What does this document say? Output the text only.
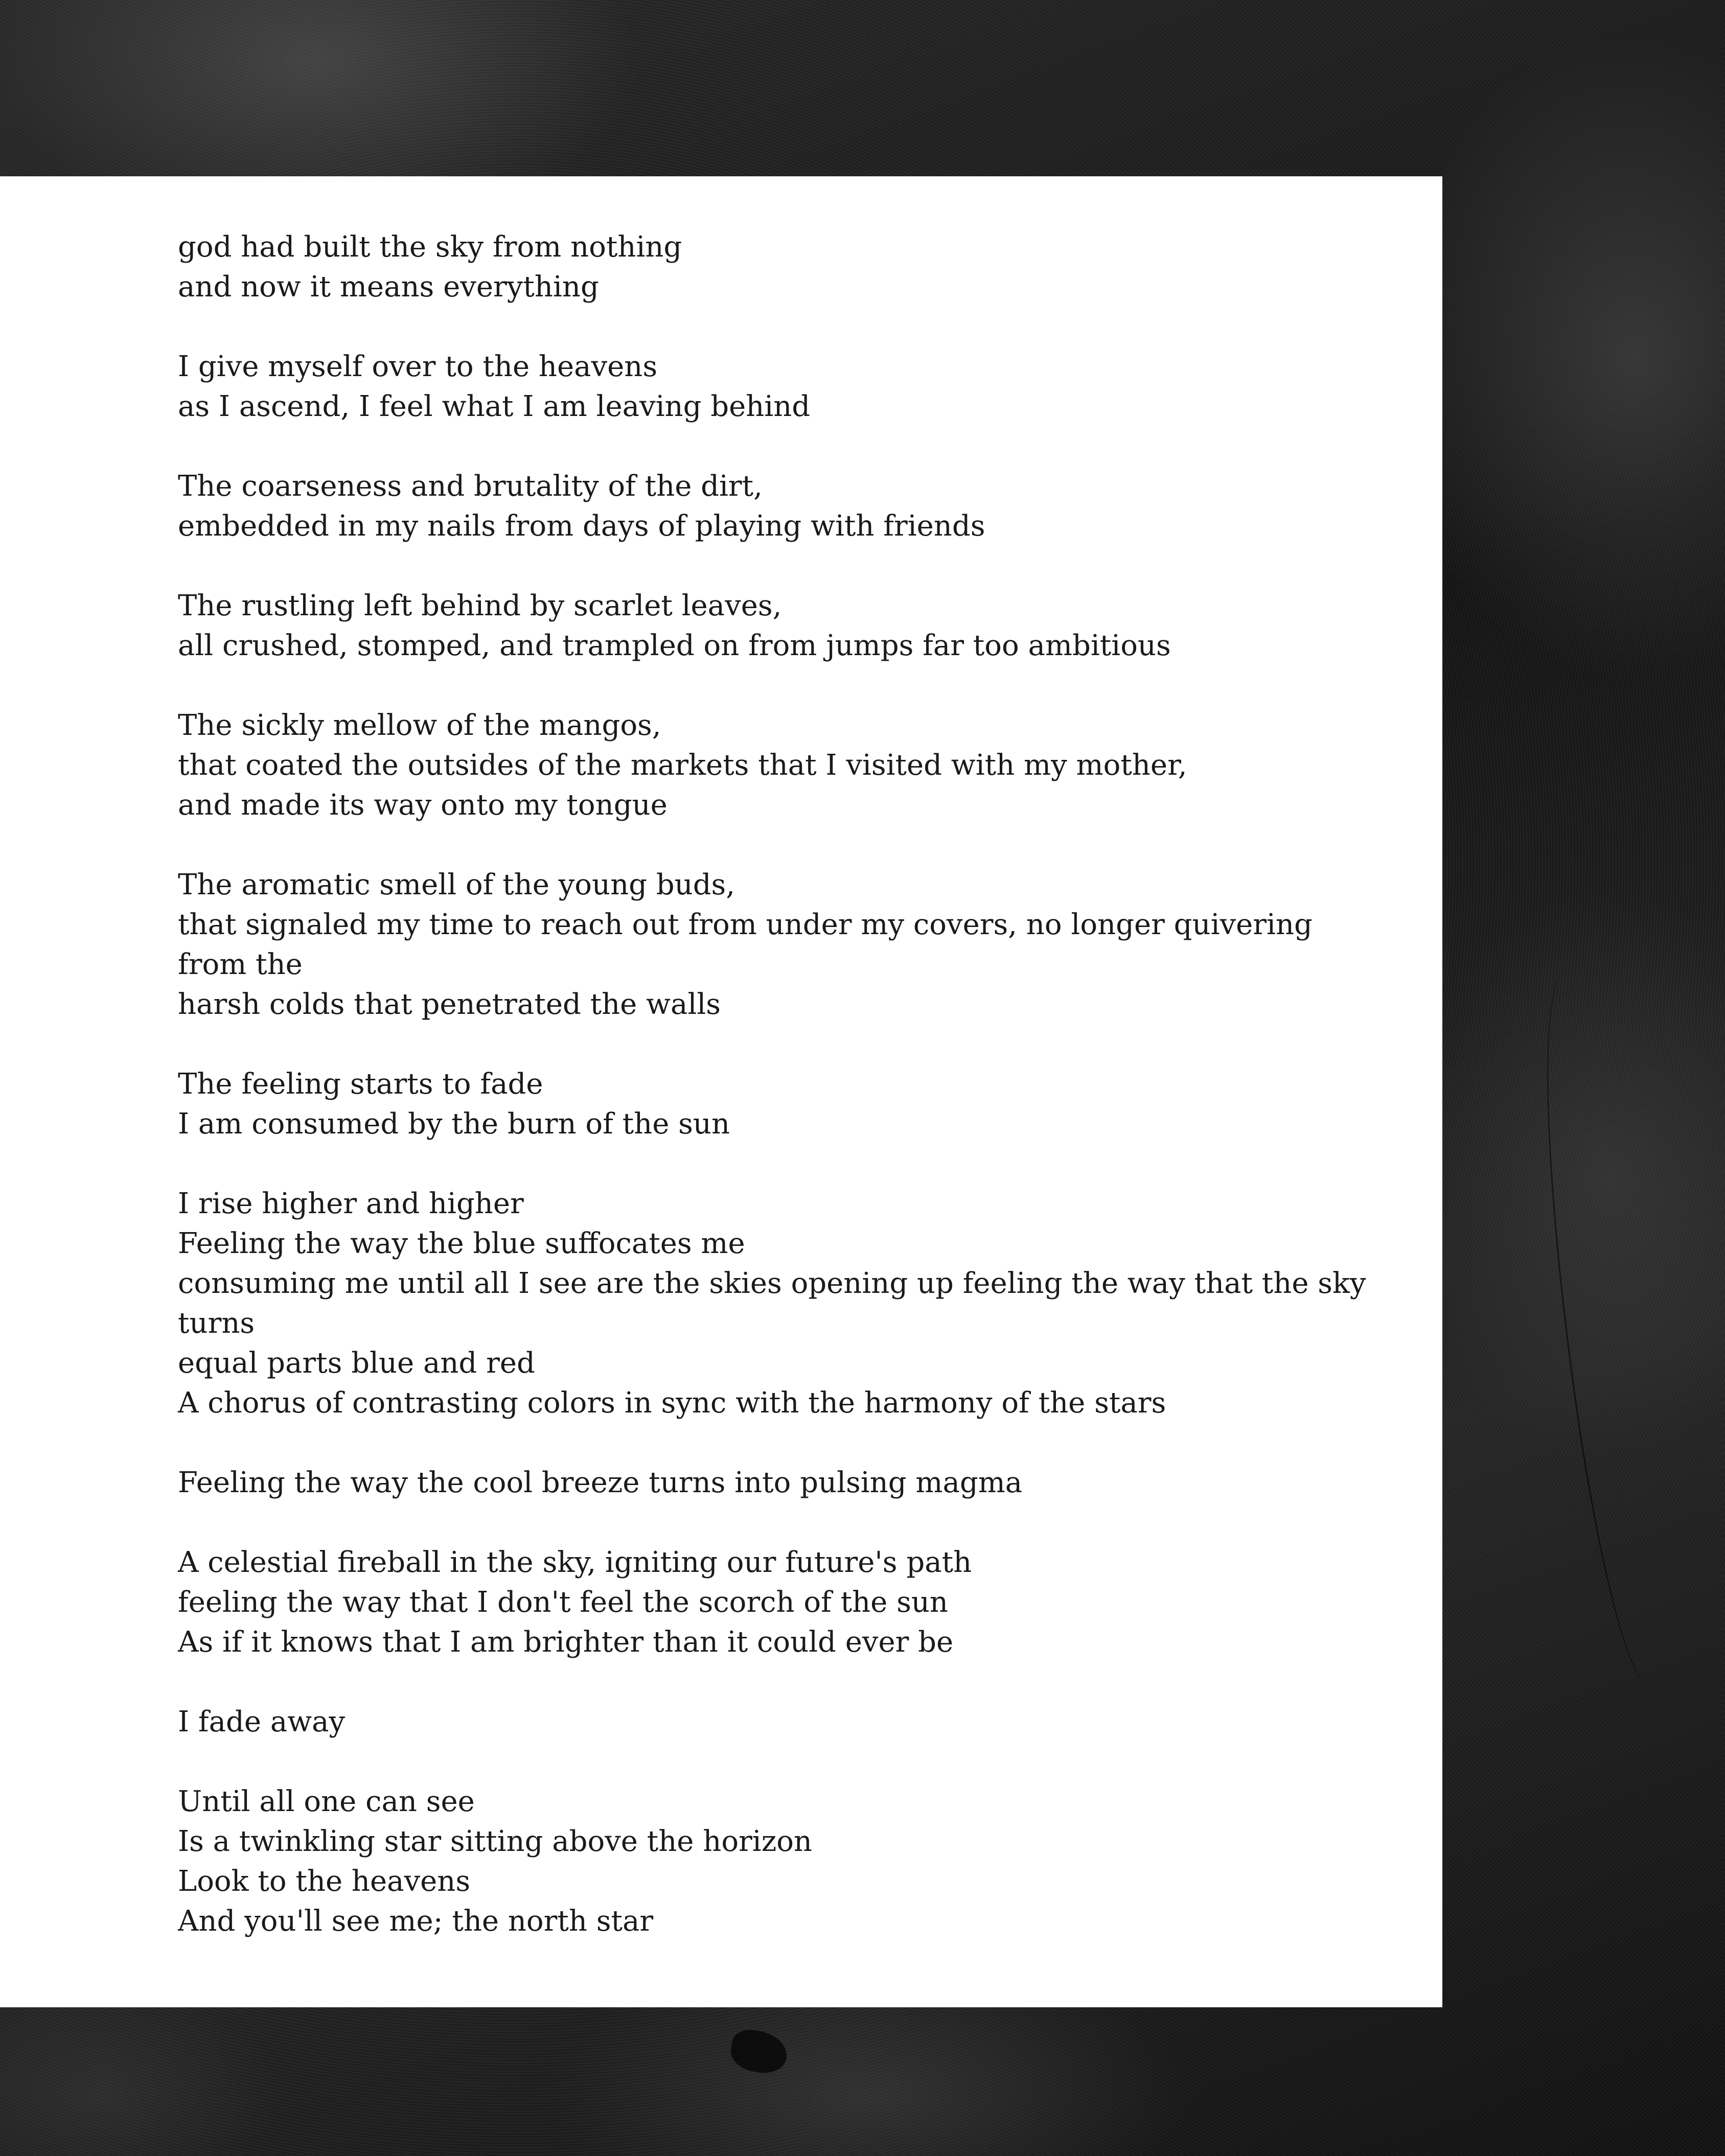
god had built the sky from nothing
and now it means everything
I give myself over to the heavens
as I ascend, I feel what I am leaving behind
The coarseness and brutality of the dirt,
embedded in my nails from days of playing with friends
The rustling left behind by scarlet leaves,
all crushed, stomped, and trampled on from jumps far too ambitious
The sickly mellow of the mangos,
that coated the outsides of the markets that I visited with my mother,
and made its way onto my tongue
The aromatic smell of the young buds,
that signaled my time to reach out from under my covers, no longer quivering
from the
harsh colds that penetrated the walls
The feeling starts to fade
I am consumed by the burn of the sun
I rise higher and higher
Feeling the way the blue suffocates me
consuming me until all I see are the skies opening up feeling the way that the sky
turns
equal parts blue and red
A chorus of contrasting colors in sync with the harmony of the stars
Feeling the way the cool breeze turns into pulsing magma
A celestial fireball in the sky, igniting our future's path
feeling the way that I don't feel the scorch of the sun
As if it knows that I am brighter than it could ever be
I fade away
Until all one can see
Is a twinkling star sitting above the horizon
Look to the heavens
And you'll see me; the north star
